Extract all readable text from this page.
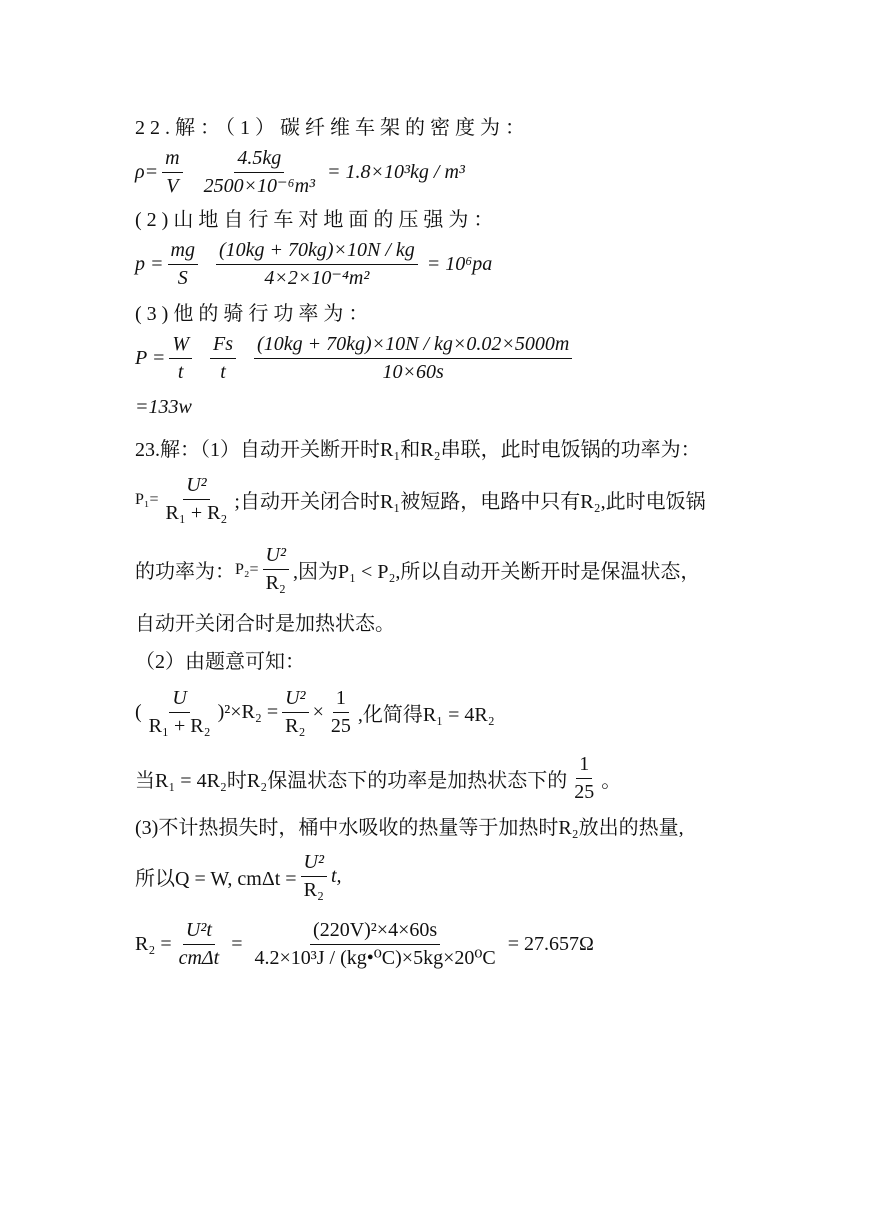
22.解：（1）碳纤维车架的密度为：
$\rho= \frac{m}{V} \frac{4.5kg}{\text{2500×10⁻⁶m³}} = 1.8\times 10^3kg / m^3$
(2)山地自行车对地面的压强为：
$p = \frac{mg}{S} \frac{(10kg + 70kg)\times 10N / kg}{\text{4×2×10⁻⁴m²}} = 10^6pa$
(3)他的骑行功率为：
$P = \frac{W}{t} \frac{Fs}{t} \frac{(10kg + 70kg)\times 10N / kg\times 0.02\times 5000m}{10\times 60s}$
=133w
23.解：（1）自动开关断开时R₁和R₂串联，此时电饭锅的功率为：
$P_1= \frac{\text{U²}}{\text{R₁ + R₂}}$ ;自动开关闭合时R₁被短路，电路中只有R₂,此时电饭锅
的功率为： $P_2= \frac{\text{U²}}{\text{R₂}}$ ,因为P₁ < P₂,所以自动开关断开时是保温状态，
自动开关闭合时是加热状态。
（2）由题意可知：
( $\frac{U}{\text{R₁ + R₂}} )^2\times R_2 = \frac{\text{U²}}{\text{R₂}} \times \frac{1}{25}$ ,化简得R₁ = 4R₂
当R₁ = 4R₂时R₂保温状态下的功率是加热状态下的 $\frac{1}{25}$ 。
(3)不计热损失时，桶中水吸收的热量等于加热时R₂放出的热量,
所以Q = W, $cm\Delta t = \frac{\text{U²}}{\text{R₂}} t$,
$R_2 = \frac{\text{U²t}}{\text{cmΔt}} = \frac{\text{(220V)²×4×60s}}{\text{4.2×10³J / (kg•⁰C)×5kg×20⁰C}} = 27.657\Omega$
